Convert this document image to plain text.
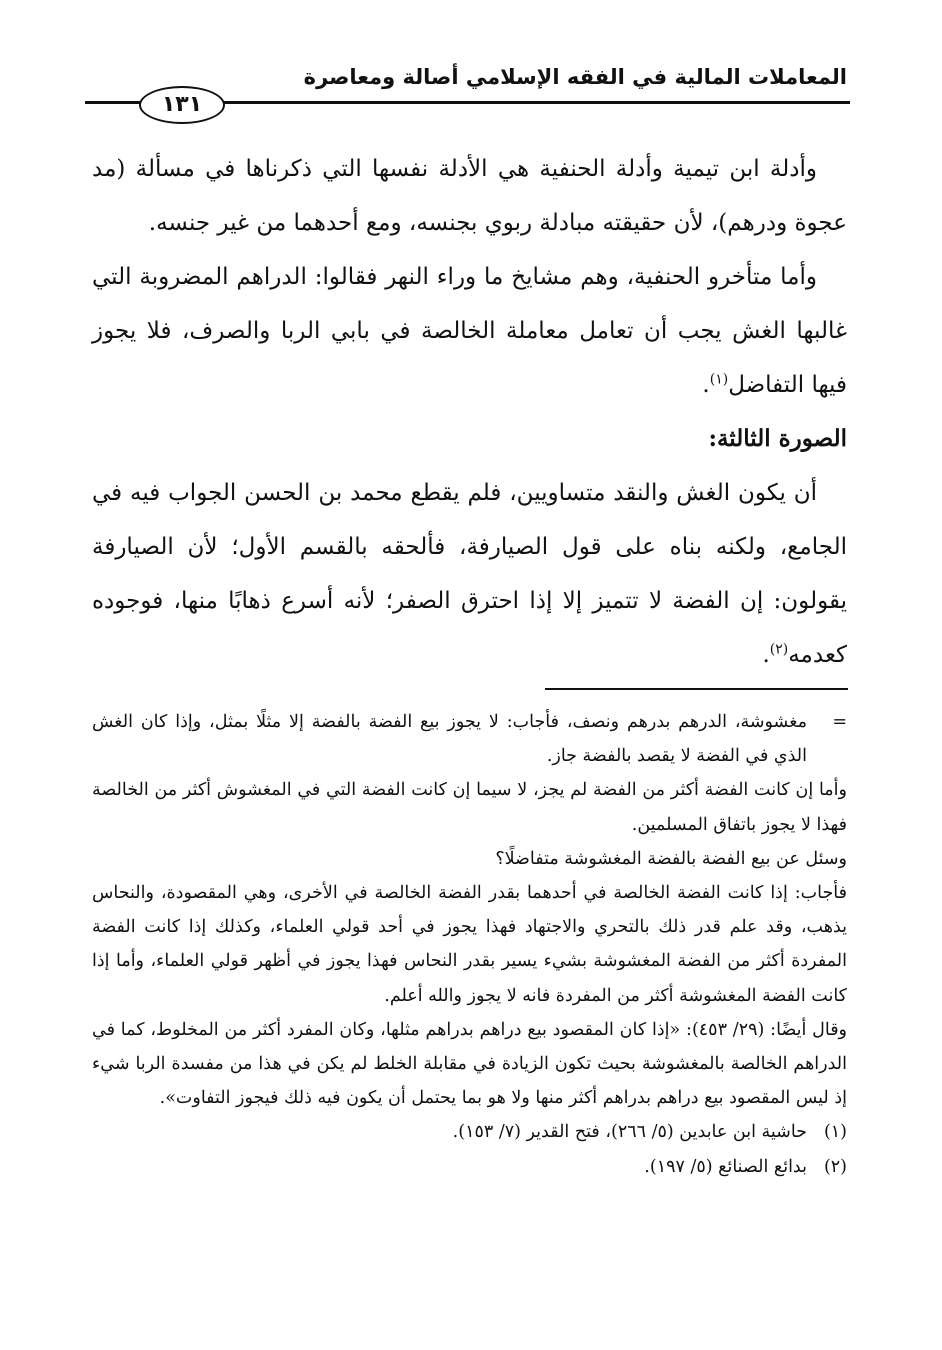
المعاملات المالية في الفقه الإسلامي أصالة ومعاصرة
١٣١
وأدلة ابن تيمية وأدلة الحنفية هي الأدلة نفسها التي ذكرناها في مسألة (مد عجوة ودرهم)، لأن حقيقته مبادلة ربوي بجنسه، ومع أحدهما من غير جنسه.
وأما متأخرو الحنفية، وهم مشايخ ما وراء النهر فقالوا: الدراهم المضروبة التي غالبها الغش يجب أن تعامل معاملة الخالصة في بابي الربا والصرف، فلا يجوز فيها التفاضل$^{(١)}$.
الصورة الثالثة:
أن يكون الغش والنقد متساويين، فلم يقطع محمد بن الحسن الجواب فيه في الجامع، ولكنه بناه على قول الصيارفة، فألحقه بالقسم الأول؛ لأن الصيارفة يقولون: إن الفضة لا تتميز إلا إذا احترق الصفر؛ لأنه أسرع ذهابًا منها، فوجوده كعدمه$^{(٢)}$.
=

مغشوشة، الدرهم بدرهم ونصف، فأجاب: لا يجوز بيع الفضة بالفضة إلا مثلًا بمثل، وإذا كان الغش الذي في الفضة لا يقصد بالفضة جاز.

وأما إن كانت الفضة أكثر من الفضة لم يجز، لا سيما إن كانت الفضة التي في المغشوش أكثر من الخالصة فهذا لا يجوز باتفاق المسلمين.

وسئل عن بيع الفضة بالفضة المغشوشة متفاضلًا؟

فأجاب: إذا كانت الفضة الخالصة في أحدهما بقدر الفضة الخالصة في الأخرى، وهي المقصودة، والنحاس يذهب، وقد علم قدر ذلك بالتحري والاجتهاد فهذا يجوز في أحد قولي العلماء، وكذلك إذا كانت الفضة المفردة أكثر من الفضة المغشوشة بشيء يسير بقدر النحاس فهذا يجوز في أظهر قولي العلماء، وأما إذا كانت الفضة المغشوشة أكثر من المفردة فانه لا يجوز والله أعلم.

وقال أيضًا: (٢٩/ ٤٥٣): «إذا كان المقصود بيع دراهم بدراهم مثلها، وكان المفرد أكثر من المخلوط، كما في الدراهم الخالصة بالمغشوشة بحيث تكون الزيادة في مقابلة الخلط لم يكن في هذا من مفسدة الربا شيء إذ ليس المقصود بيع دراهم بدراهم أكثر منها ولا هو بما يحتمل أن يكون فيه ذلك فيجوز التفاوت».

(١)
حاشية ابن عابدين (٥/ ٢٦٦)، فتح القدير (٧/ ١٥٣).
(٢)
بدائع الصنائع (٥/ ١٩٧).
